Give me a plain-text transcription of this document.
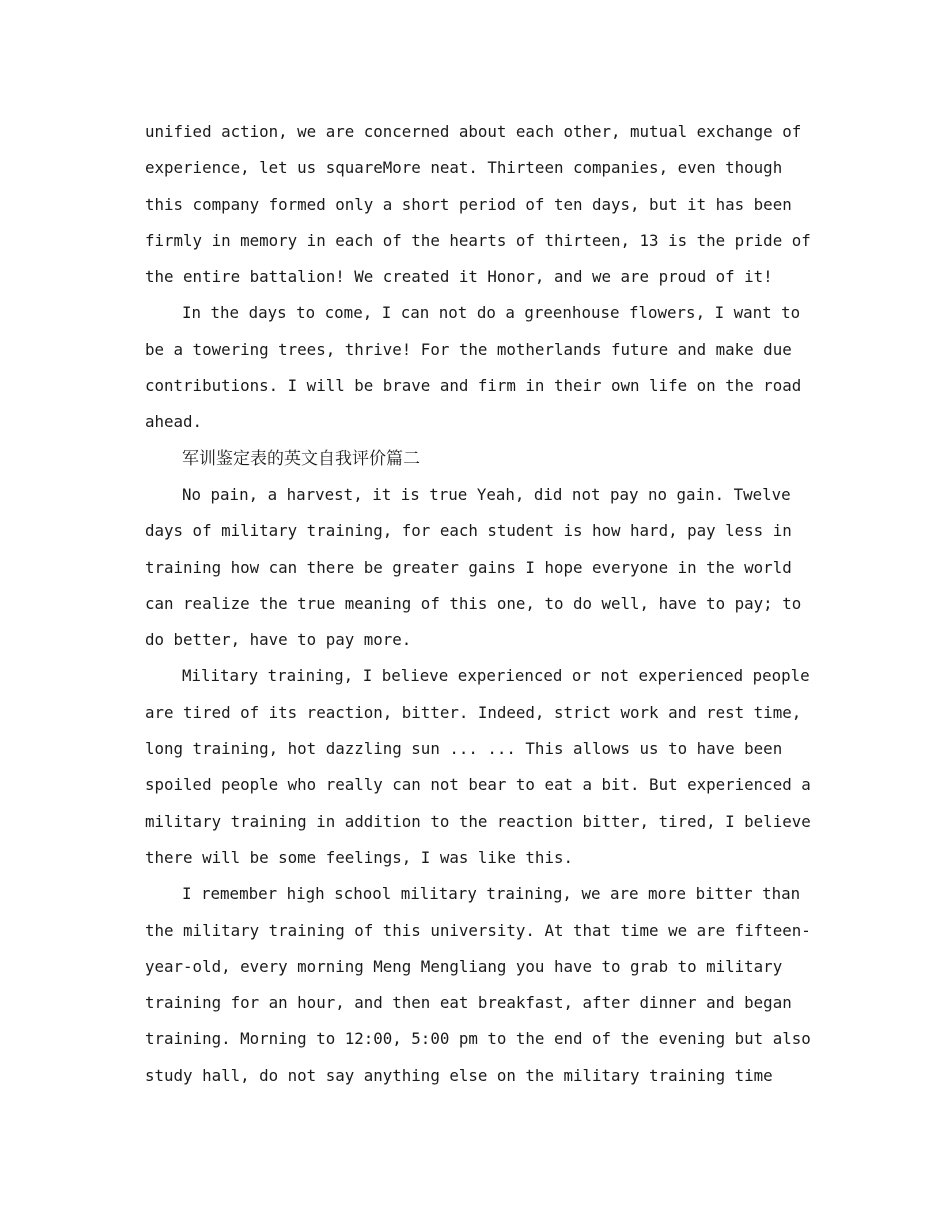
unified action, we are concerned about each other, mutual exchange of
experience, let us squareMore neat. Thirteen companies, even though
this company formed only a short period of ten days, but it has been
firmly in memory in each of the hearts of thirteen, 13 is the pride of
the entire battalion! We created it Honor, and we are proud of it!
In the days to come, I can not do a greenhouse flowers, I want to
be a towering trees, thrive! For the motherlands future and make due
contributions. I will be brave and firm in their own life on the road
ahead.
军训鉴定表的英文自我评价篇二
No pain, a harvest, it is true Yeah, did not pay no gain. Twelve
days of military training, for each student is how hard, pay less in
training how can there be greater gains I hope everyone in the world
can realize the true meaning of this one, to do well, have to pay; to
do better, have to pay more.
Military training, I believe experienced or not experienced people
are tired of its reaction, bitter. Indeed, strict work and rest time,
long training, hot dazzling sun ... ... This allows us to have been
spoiled people who really can not bear to eat a bit. But experienced a
military training in addition to the reaction bitter, tired, I believe
there will be some feelings, I was like this.
I remember high school military training, we are more bitter than
the military training of this university. At that time we are fifteen-
year-old, every morning Meng Mengliang you have to grab to military
training for an hour, and then eat breakfast, after dinner and began
training. Morning to 12:00, 5:00 pm to the end of the evening but also
study hall, do not say anything else on the military training time
